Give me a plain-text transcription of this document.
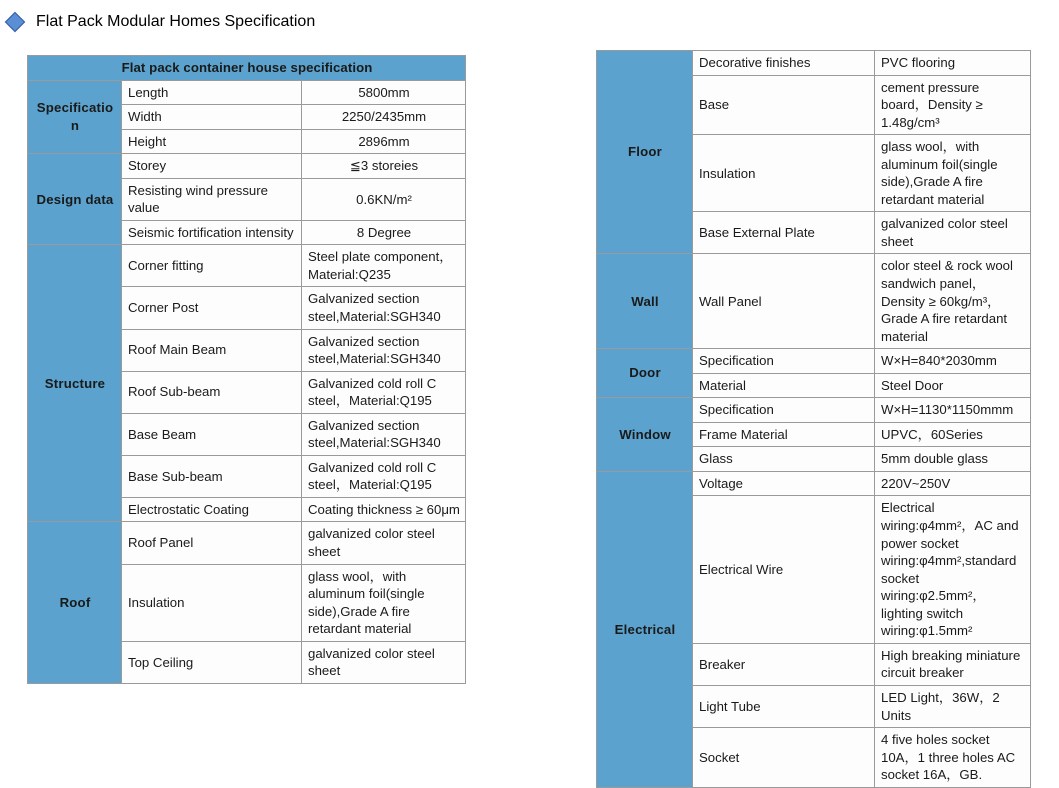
Flat Pack Modular Homes Specification
Flat pack container house specification		
Specification	Length	5800mm
	Width	2250/2435mm
	Height	2896mm
Design data	Storey	≦3 storeies
	Resisting wind pressure value	0.6KN/m²
	Seismic fortification intensity	8 Degree
Structure	Corner fitting	Steel plate component，Material:Q235
	Corner Post	Galvanized section steel,Material:SGH340
	Roof Main Beam	Galvanized section steel,Material:SGH340
	Roof Sub-beam	Galvanized cold roll C steel，Material:Q195
	Base Beam	Galvanized section steel,Material:SGH340
	Base Sub-beam	Galvanized cold roll C steel，Material:Q195
	Electrostatic Coating	Coating thickness ≥ 60μm
Roof	Roof Panel	galvanized color steel sheet
	Insulation	glass wool，with aluminum foil(single side),Grade A fire retardant material
	Top Ceiling	galvanized color steel sheet
Floor	Decorative finishes	PVC flooring
	Base	cement pressure board，Density ≥ 1.48g/cm³
	Insulation	glass wool，with aluminum foil(single side),Grade A fire retardant material
	Base External Plate	galvanized color steel sheet
Wall	Wall Panel	color steel & rock wool sandwich panel，Density ≥ 60kg/m³，Grade A fire retardant material
Door	Specification	W×H=840*2030mm
	Material	Steel Door
Window	Specification	W×H=1130*1150mmm
	Frame Material	UPVC，60Series
	Glass	5mm double glass
Electrical	Voltage	220V~250V
	Electrical Wire	Electrical wiring:φ4mm²，AC and power socket wiring:φ4mm²,standard socket wiring:φ2.5mm²，lighting switch wiring:φ1.5mm²
	Breaker	High breaking miniature circuit breaker
	Light Tube	LED Light，36W，2 Units
	Socket	4 five holes socket 10A，1 three holes AC socket 16A，GB.
